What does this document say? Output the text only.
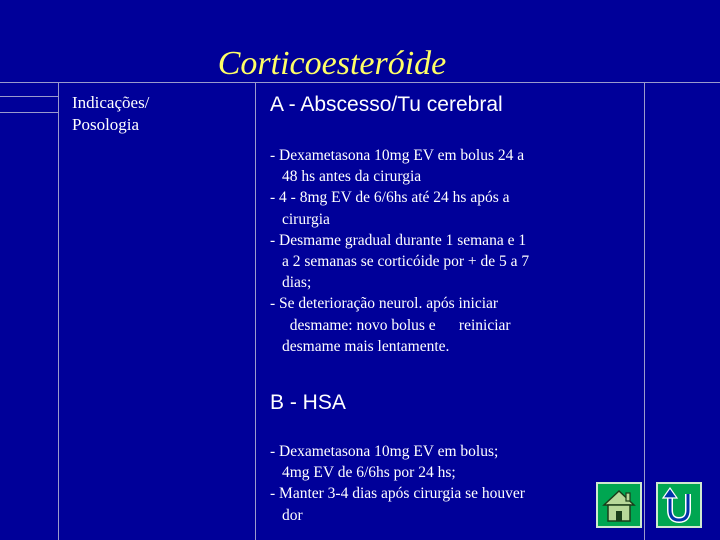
Corticoesteróide
Indicações/
Posologia
A - Abscesso/Tu cerebral
- Dexametasona 10mg EV em bolus 24 a
48 hs antes da cirurgia
- 4 - 8mg EV de 6/6hs até 24 hs após a
cirurgia
- Desmame gradual durante 1 semana e 1
a 2 semanas se corticóide por + de 5 a 7
dias;
- Se deterioração neurol. após iniciar
desmame: novo bolus e      reiniciar
desmame mais lentamente.
B - HSA
- Dexametasona 10mg EV em bolus;
4mg EV de 6/6hs por 24 hs;
- Manter 3-4 dias após cirurgia se houver
dor
